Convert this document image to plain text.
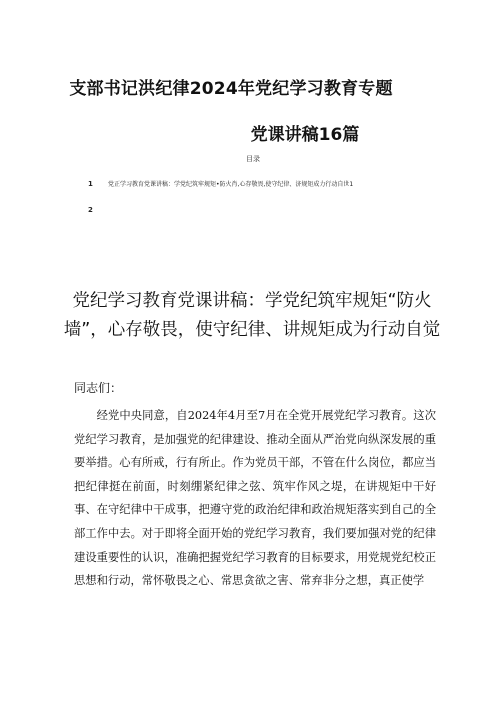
支部书记洪纪律2024年党纪学习教育专题
党课讲稿16篇
目录
1	党正学习教育党课讲稿：学党纪筑牢规矩•防火肖,心存敬畏,使守纪律、济规矩成力行动自世1
2
党纪学习教育党课讲稿：学党纪筑牢规矩“防火墙”，心存敬畏，使守纪律、讲规矩成为行动自觉
同志们：

经党中央同意，自2024年4月至7月在全党开展党纪学习教育。这次党纪学习教育，是加强党的纪律建设、推动全面从严治党向纵深发展的重要举措。心有所戒，行有所止。作为党员干部，不管在什么岗位，都应当把纪律挺在前面，时刻绷紧纪律之弦、筑牢作风之堤，在讲规矩中干好事、在守纪律中干成事，把遵守党的政治纪律和政治规矩落实到自己的全部工作中去。对于即将全面开始的党纪学习教育，我们要加强对党的纪律建设重要性的认识，准确把握党纪学习教育的目标要求，用党规党纪校正思想和行动，常怀敬畏之心、常思贪欲之害、常弃非分之想，真正使学
